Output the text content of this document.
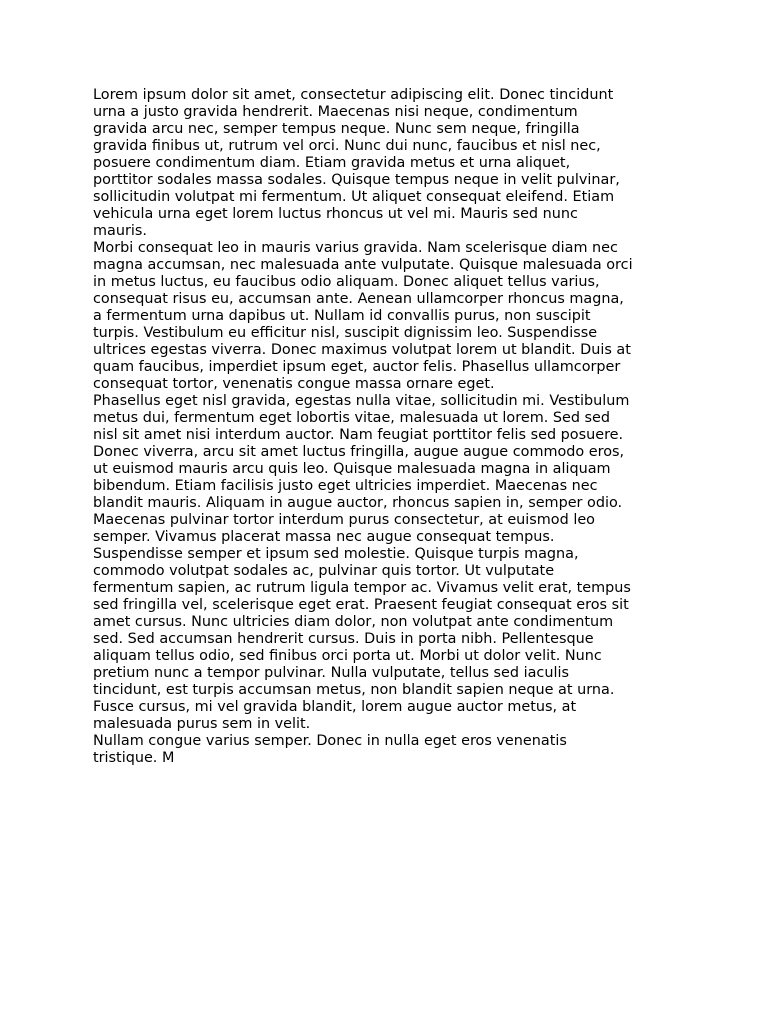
Lorem ipsum dolor sit amet, consectetur adipiscing elit. Donec tincidunt
urna a justo gravida hendrerit. Maecenas nisi neque, condimentum
gravida arcu nec, semper tempus neque. Nunc sem neque, fringilla
gravida finibus ut, rutrum vel orci. Nunc dui nunc, faucibus et nisl nec,
posuere condimentum diam. Etiam gravida metus et urna aliquet,
porttitor sodales massa sodales. Quisque tempus neque in velit pulvinar,
sollicitudin volutpat mi fermentum. Ut aliquet consequat eleifend. Etiam
vehicula urna eget lorem luctus rhoncus ut vel mi. Mauris sed nunc
mauris.

Morbi consequat leo in mauris varius gravida. Nam scelerisque diam nec
magna accumsan, nec malesuada ante vulputate. Quisque malesuada orci
in metus luctus, eu faucibus odio aliquam. Donec aliquet tellus varius,
consequat risus eu, accumsan ante. Aenean ullamcorper rhoncus magna,
a fermentum urna dapibus ut. Nullam id convallis purus, non suscipit
turpis. Vestibulum eu efficitur nisl, suscipit dignissim leo. Suspendisse
ultrices egestas viverra. Donec maximus volutpat lorem ut blandit. Duis at
quam faucibus, imperdiet ipsum eget, auctor felis. Phasellus ullamcorper
consequat tortor, venenatis congue massa ornare eget.

Phasellus eget nisl gravida, egestas nulla vitae, sollicitudin mi. Vestibulum
metus dui, fermentum eget lobortis vitae, malesuada ut lorem. Sed sed
nisl sit amet nisi interdum auctor. Nam feugiat porttitor felis sed posuere.
Donec viverra, arcu sit amet luctus fringilla, augue augue commodo eros,
ut euismod mauris arcu quis leo. Quisque malesuada magna in aliquam
bibendum. Etiam facilisis justo eget ultricies imperdiet. Maecenas nec
blandit mauris. Aliquam in augue auctor, rhoncus sapien in, semper odio.
Maecenas pulvinar tortor interdum purus consectetur, at euismod leo
semper. Vivamus placerat massa nec augue consequat tempus.
Suspendisse semper et ipsum sed molestie. Quisque turpis magna,
commodo volutpat sodales ac, pulvinar quis tortor. Ut vulputate
fermentum sapien, ac rutrum ligula tempor ac. Vivamus velit erat, tempus
sed fringilla vel, scelerisque eget erat. Praesent feugiat consequat eros sit
amet cursus. Nunc ultricies diam dolor, non volutpat ante condimentum
sed. Sed accumsan hendrerit cursus. Duis in porta nibh. Pellentesque
aliquam tellus odio, sed finibus orci porta ut. Morbi ut dolor velit. Nunc
pretium nunc a tempor pulvinar. Nulla vulputate, tellus sed iaculis
tincidunt, est turpis accumsan metus, non blandit sapien neque at urna.
Fusce cursus, mi vel gravida blandit, lorem augue auctor metus, at
malesuada purus sem in velit.

Nullam congue varius semper. Donec in nulla eget eros venenatis
tristique. M
